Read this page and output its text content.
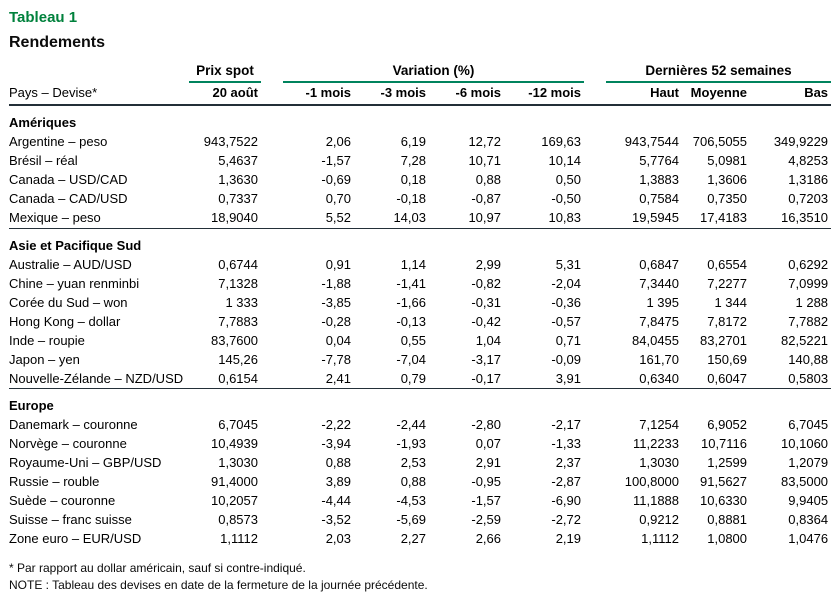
Tableau 1
Rendements

	Prix spot	Variation (%)				Dernières 52 semaines		

Pays – Devise*	20 août	-1 mois	-3 mois	-6 mois	-12 mois	Haut	Moyenne	Bas
Amériques								
Argentine – peso	943,7522	2,06	6,19	12,72	169,63	943,7544	706,5055	349,9229
Brésil – réal	5,4637	-1,57	7,28	10,71	10,14	5,7764	5,0981	4,8253
Canada – USD/CAD	1,3630	-0,69	0,18	0,88	0,50	1,3883	1,3606	1,3186
Canada – CAD/USD	0,7337	0,70	-0,18	-0,87	-0,50	0,7584	0,7350	0,7203
Mexique – peso	18,9040	5,52	14,03	10,97	10,83	19,5945	17,4183	16,3510
Asie et Pacifique Sud								
Australie – AUD/USD	0,6744	0,91	1,14	2,99	5,31	0,6847	0,6554	0,6292
Chine – yuan renminbi	7,1328	-1,88	-1,41	-0,82	-2,04	7,3440	7,2277	7,0999
Corée du Sud – won	1 333	-3,85	-1,66	-0,31	-0,36	1 395	1 344	1 288
Hong Kong – dollar	7,7883	-0,28	-0,13	-0,42	-0,57	7,8475	7,8172	7,7882
Inde – roupie	83,7600	0,04	0,55	1,04	0,71	84,0455	83,2701	82,5221
Japon – yen	145,26	-7,78	-7,04	-3,17	-0,09	161,70	150,69	140,88
Nouvelle-Zélande – NZD/USD	0,6154	2,41	0,79	-0,17	3,91	0,6340	0,6047	0,5803
Europe								
Danemark – couronne	6,7045	-2,22	-2,44	-2,80	-2,17	7,1254	6,9052	6,7045
Norvège – couronne	10,4939	-3,94	-1,93	0,07	-1,33	11,2233	10,7116	10,1060
Royaume-Uni – GBP/USD	1,3030	0,88	2,53	2,91	2,37	1,3030	1,2599	1,2079
Russie – rouble	91,4000	3,89	0,88	-0,95	-2,87	100,8000	91,5627	83,5000
Suède – couronne	10,2057	-4,44	-4,53	-1,57	-6,90	11,1888	10,6330	9,9405
Suisse – franc suisse	0,8573	-3,52	-5,69	-2,59	-2,72	0,9212	0,8881	0,8364
Zone euro – EUR/USD	1,1112	2,03	2,27	2,66	2,19	1,1112	1,0800	1,0476
* Par rapport au dollar américain, sauf si contre-indiqué.
NOTE : Tableau des devises en date de la fermeture de la journée précédente.
